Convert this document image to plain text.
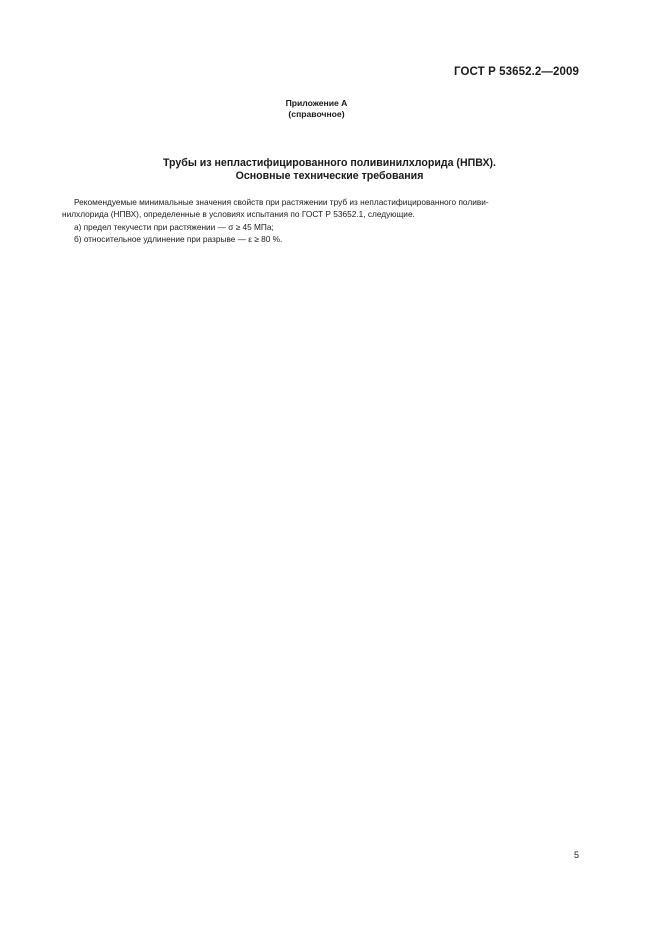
ГОСТ Р 53652.2—2009
Приложение А
(справочное)
Трубы из непластифицированного поливинилхлорида (НПВХ).
Основные технические требования
Рекомендуемые минимальные значения свойств при растяжении труб из непластифицированного поливи-
нилхлорида (НПВХ), определенные в условиях испытания по ГОСТ Р 53652.1, следующие.
а) предел текучести при растяжении — σ ≥ 45 МПа;
б) относительное удлинение при разрыве — ε ≥ 80 %.
5
